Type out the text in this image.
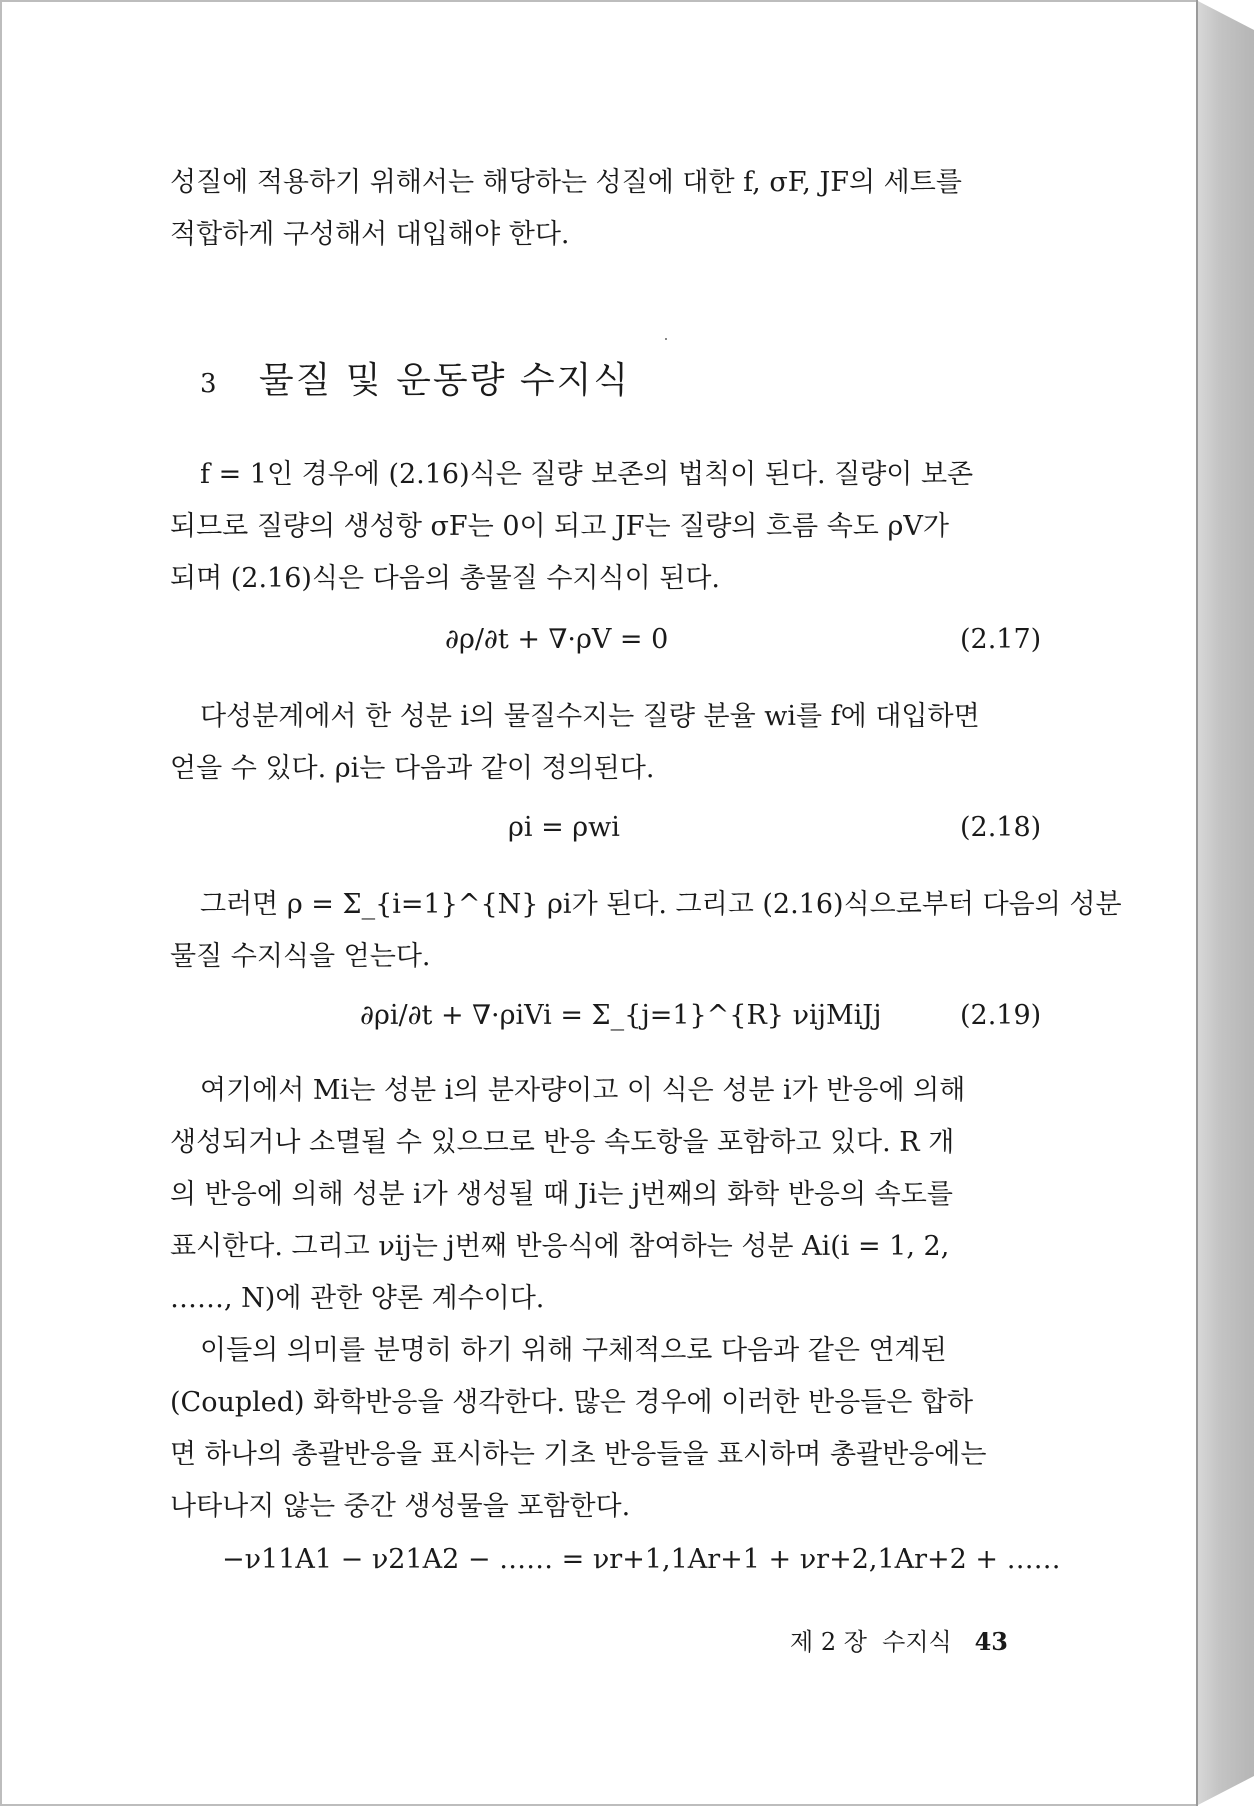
성질에 적용하기 위해서는 해당하는 성질에 대한 f, σF, JF의 세트를
적합하게 구성해서 대입해야 한다.
3 물질 및 운동량 수지식
f = 1인 경우에 (2.16)식은 질량 보존의 법칙이 된다. 질량이 보존
되므로 질량의 생성항 σF는 0이 되고 JF는 질량의 흐름 속도 ρV가
되며 (2.16)식은 다음의 총물질 수지식이 된다.
∂ρ/∂t + ∇·ρV = 0	(2.17)
다성분계에서 한 성분 i의 물질수지는 질량 분율 wi를 f에 대입하면
얻을 수 있다. ρi는 다음과 같이 정의된다.
ρi = ρwi	(2.18)
그러면 ρ = Σ_{i=1}^{N} ρi가 된다. 그리고 (2.16)식으로부터 다음의 성분
물질 수지식을 얻는다.
∂ρi/∂t + ∇·ρiVi = Σ_{j=1}^{R} νijMiJj	(2.19)
여기에서 Mi는 성분 i의 분자량이고 이 식은 성분 i가 반응에 의해
생성되거나 소멸될 수 있으므로 반응 속도항을 포함하고 있다. R 개
의 반응에 의해 성분 i가 생성될 때 Ji는 j번째의 화학 반응의 속도를
표시한다. 그리고 νij는 j번째 반응식에 참여하는 성분 Ai(i = 1, 2,
……, N)에 관한 양론 계수이다.
이들의 의미를 분명히 하기 위해 구체적으로 다음과 같은 연계된
(Coupled) 화학반응을 생각한다. 많은 경우에 이러한 반응들은 합하
면 하나의 총괄반응을 표시하는 기초 반응들을 표시하며 총괄반응에는
나타나지 않는 중간 생성물을 포함한다.
−ν11A1 − ν21A2 − …… = νr+1,1Ar+1 + νr+2,1Ar+2 + ……
제 2 장  수지식 43
